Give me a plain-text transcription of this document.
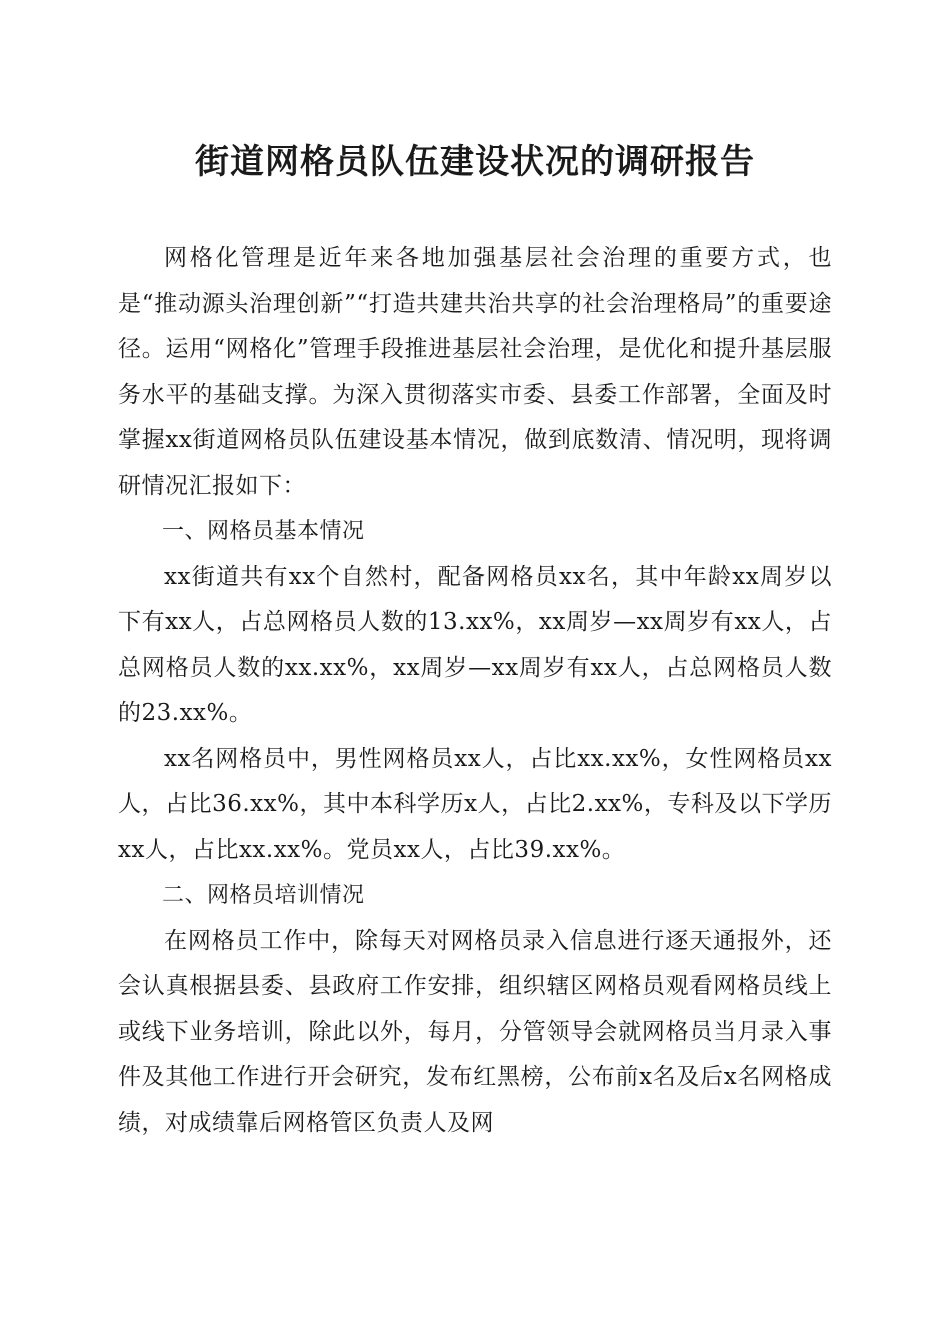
街道网格员队伍建设状况的调研报告

网格化管理是近年来各地加强基层社会治理的重要方式，也是“推动源头治理创新”“打造共建共治共享的社会治理格局”的重要途径。运用“网格化”管理手段推进基层社会治理，是优化和提升基层服务水平的基础支撑。为深入贯彻落实市委、县委工作部署，全面及时掌握xx街道网格员队伍建设基本情况，做到底数清、情况明，现将调研情况汇报如下：

一、网格员基本情况

xx街道共有xx个自然村，配备网格员xx名，其中年龄xx周岁以下有xx人，占总网格员人数的13.xx%，xx周岁—xx周岁有xx人，占总网格员人数的xx.xx%，xx周岁—xx周岁有xx人，占总网格员人数的23.xx%。

xx名网格员中，男性网格员xx人，占比xx.xx%，女性网格员xx人，占比36.xx%，其中本科学历x人，占比2.xx%，专科及以下学历xx人，占比xx.xx%。党员xx人，占比39.xx%。

二、网格员培训情况

在网格员工作中，除每天对网格员录入信息进行逐天通报外，还会认真根据县委、县政府工作安排，组织辖区网格员观看网格员线上或线下业务培训，除此以外，每月，分管领导会就网格员当月录入事件及其他工作进行开会研究，发布红黑榜，公布前x名及后x名网格成绩，对成绩靠后网格管区负责人及网
